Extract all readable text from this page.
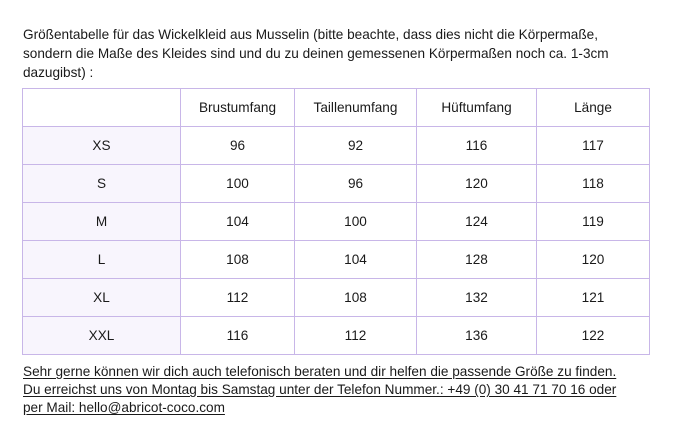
Größentabelle für das Wickelkleid aus Musselin (bitte beachte, dass dies nicht die Körpermaße,
sondern die Maße des Kleides sind und du zu deinen gemessenen Körpermaßen noch ca. 1-3cm
dazugibst) :

	Brustumfang	Taillenumfang	Hüftumfang	Länge
XS	96	92	116	117
S	100	96	120	118
M	104	100	124	119
L	108	104	128	120
XL	112	108	132	121
XXL	116	112	136	122

Sehr gerne können wir dich auch telefonisch beraten und dir helfen die passende Größe zu finden.
Du erreichst uns von Montag bis Samstag unter der Telefon Nummer.: +49 (0) 30 41 71 70 16 oder
per Mail: hello@abricot-coco.com
